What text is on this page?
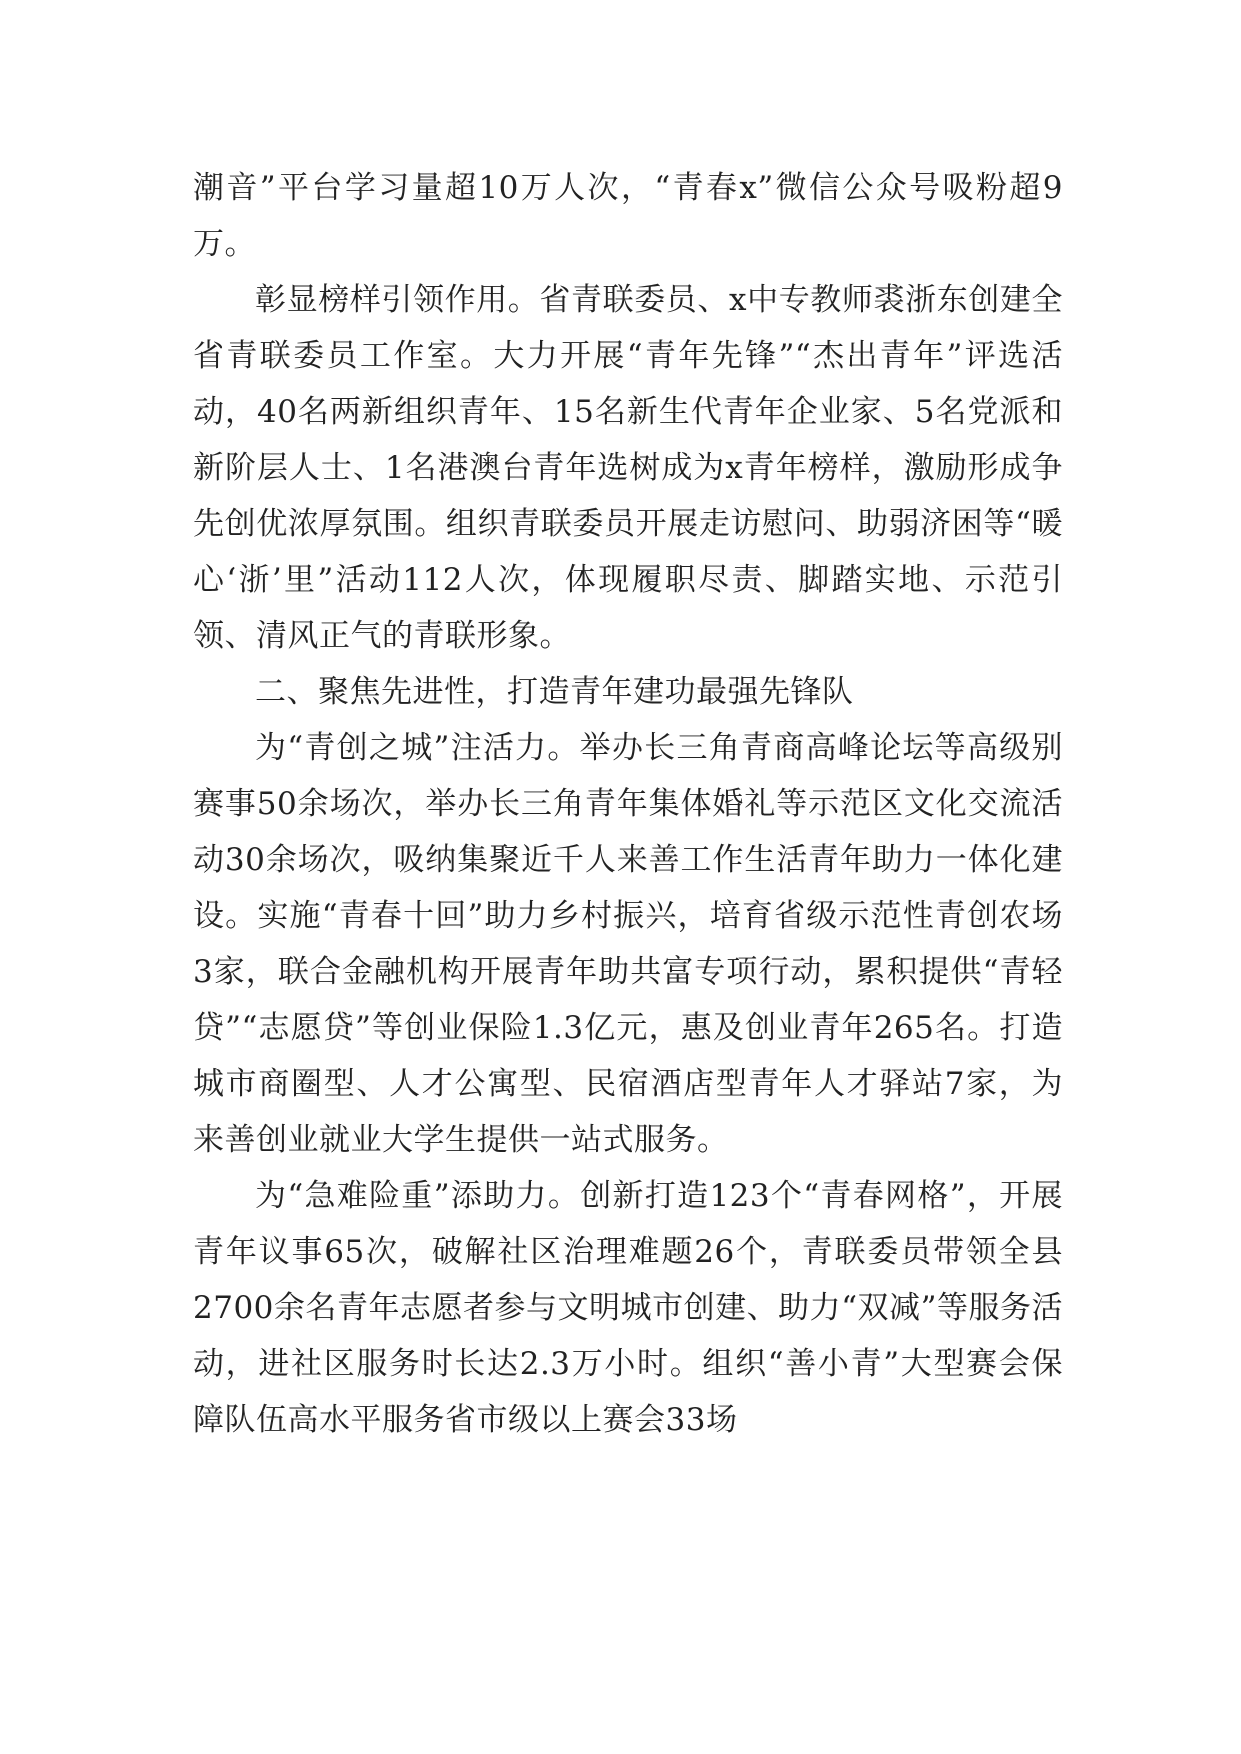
潮音”平台学习量超10万人次，“青春x”微信公众号吸粉超9万。

彰显榜样引领作用。省青联委员、x中专教师裘浙东创建全省青联委员工作室。大力开展“青年先锋”“杰出青年”评选活动，40名两新组织青年、15名新生代青年企业家、5名党派和新阶层人士、1名港澳台青年选树成为x青年榜样，激励形成争先创优浓厚氛围。组织青联委员开展走访慰问、助弱济困等“暖心‘浙’里”活动112人次，体现履职尽责、脚踏实地、示范引领、清风正气的青联形象。

二、聚焦先进性，打造青年建功最强先锋队

为“青创之城”注活力。举办长三角青商高峰论坛等高级别赛事50余场次，举办长三角青年集体婚礼等示范区文化交流活动30余场次，吸纳集聚近千人来善工作生活青年助力一体化建设。实施“青春十回”助力乡村振兴，培育省级示范性青创农场3家，联合金融机构开展青年助共富专项行动，累积提供“青轻贷”“志愿贷”等创业保险1.3亿元，惠及创业青年265名。打造城市商圈型、人才公寓型、民宿酒店型青年人才驿站7家，为来善创业就业大学生提供一站式服务。

为“急难险重”添助力。创新打造123个“青春网格”，开展青年议事65次，破解社区治理难题26个，青联委员带领全县2700余名青年志愿者参与文明城市创建、助力“双减”等服务活动，进社区服务时长达2.3万小时。组织“善小青”大型赛会保障队伍高水平服务省市级以上赛会33场
